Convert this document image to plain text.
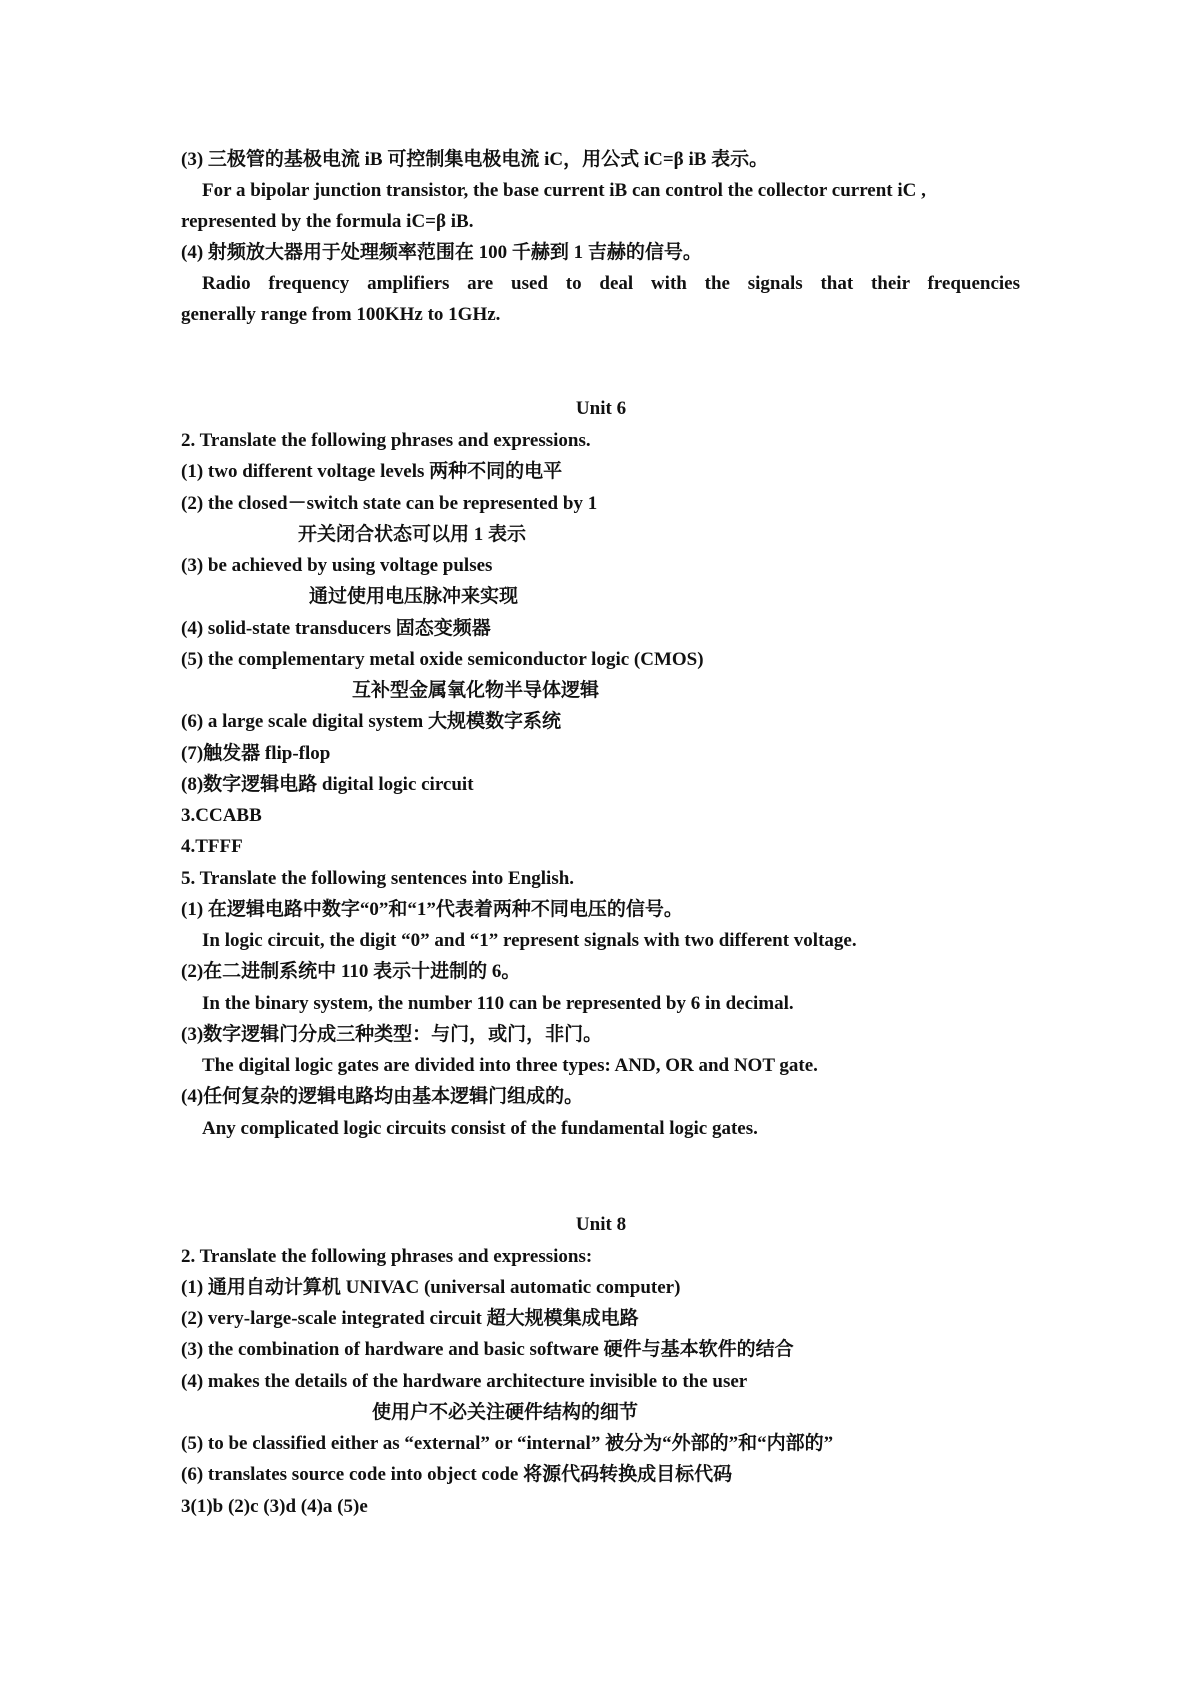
(3) 三极管的基极电流 iB 可控制集电极电流 iC，用公式 iC=β iB 表示。
For a bipolar junction transistor, the base current iB can control the collector current iC ,
represented by the formula iC=β iB.
(4) 射频放大器用于处理频率范围在 100 千赫到 1 吉赫的信号。
Radio frequency amplifiers are used to deal with the signals that their frequencies
generally range from 100KHz to 1GHz.
Unit 6
2. Translate the following phrases and expressions.
(1) two different voltage levels 两种不同的电平
(2) the closed－switch state can be represented by 1
开关闭合状态可以用 1 表示
(3) be achieved by using voltage pulses
通过使用电压脉冲来实现
(4) solid-state transducers 固态变频器
(5) the complementary metal oxide semiconductor logic (CMOS)
互补型金属氧化物半导体逻辑
(6) a large scale digital system 大规模数字系统
(7)触发器 flip-flop
(8)数字逻辑电路 digital logic circuit
3.CCABB
4.TFFF
5. Translate the following sentences into English.
(1) 在逻辑电路中数字“0”和“1”代表着两种不同电压的信号。
In logic circuit, the digit “0” and “1” represent signals with two different voltage.
(2)在二进制系统中 110 表示十进制的 6。
In the binary system, the number 110 can be represented by 6 in decimal.
(3)数字逻辑门分成三种类型：与门，或门，非门。
The digital logic gates are divided into three types: AND, OR and NOT gate.
(4)任何复杂的逻辑电路均由基本逻辑门组成的。
Any complicated logic circuits consist of the fundamental logic gates.
Unit 8
2. Translate the following phrases and expressions:
(1) 通用自动计算机 UNIVAC (universal automatic computer)
(2) very-large-scale integrated circuit 超大规模集成电路
(3) the combination of hardware and basic software 硬件与基本软件的结合
(4) makes the details of the hardware architecture invisible to the user
使用户不必关注硬件结构的细节
(5) to be classified either as “external” or “internal” 被分为“外部的”和“内部的”
(6) translates source code into object code 将源代码转换成目标代码
3(1)b (2)c (3)d (4)a (5)e
